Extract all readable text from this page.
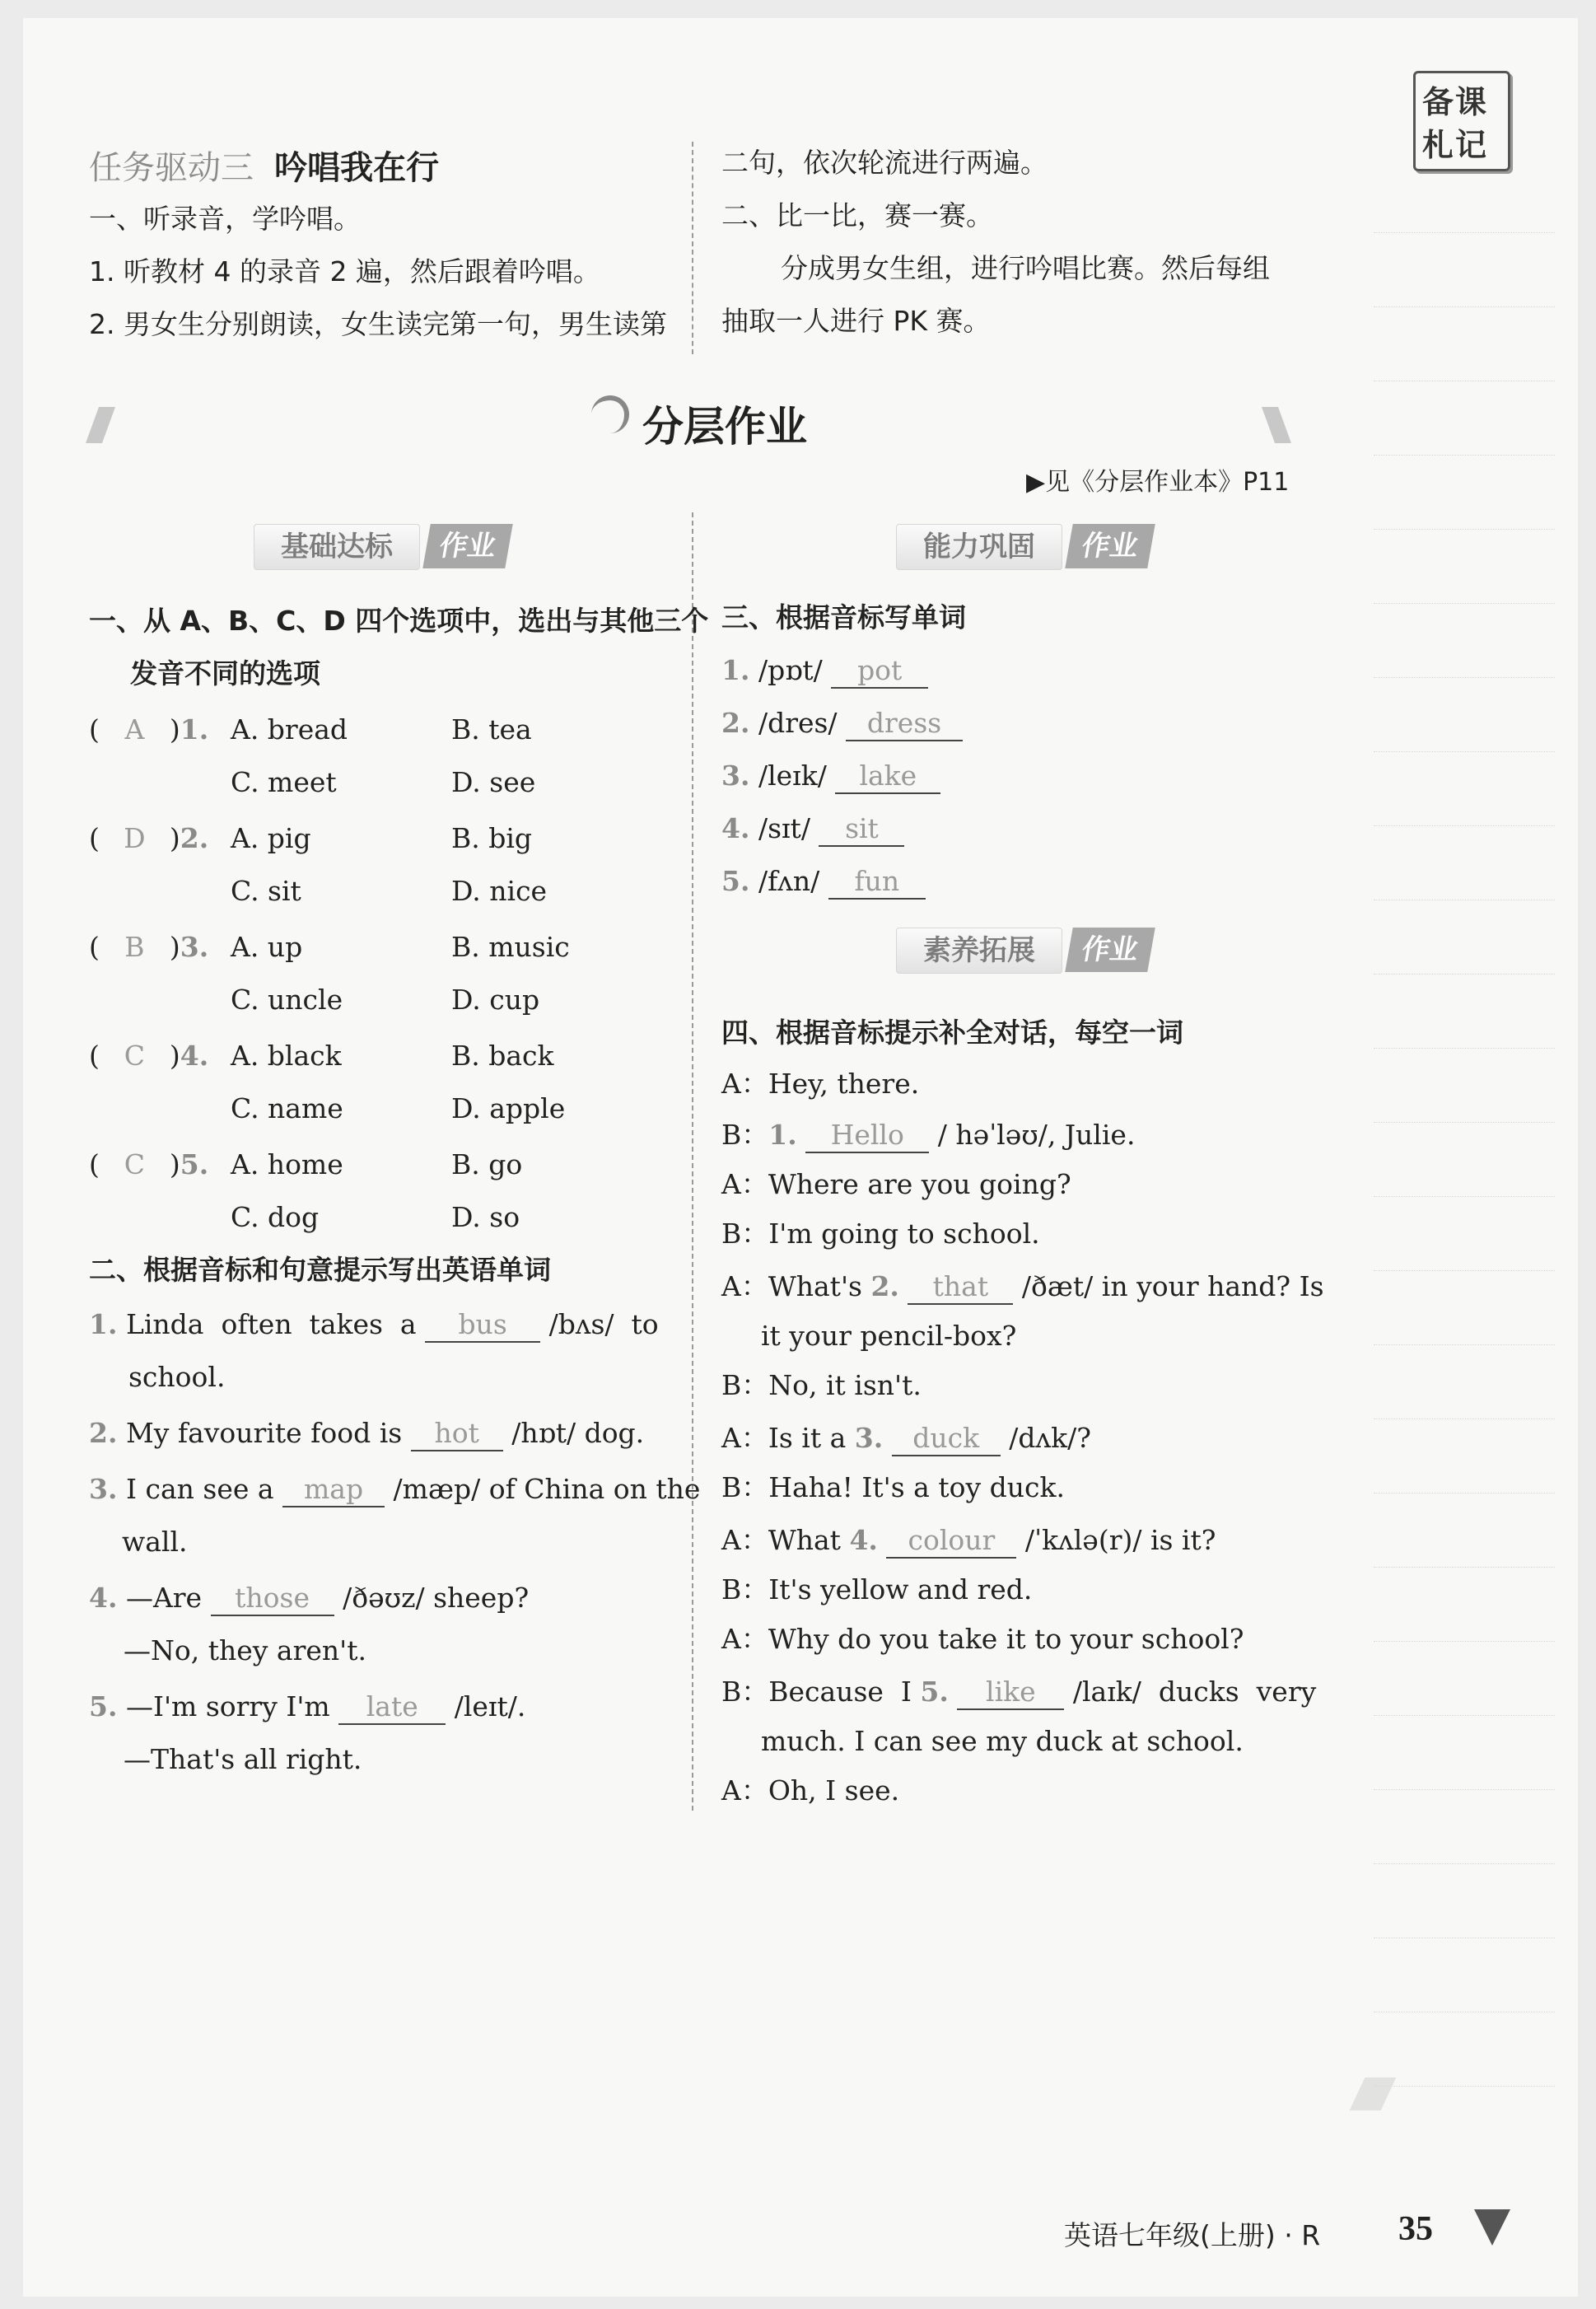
备课
札记
任务驱动三 吟唱我在行
一、听录音，学吟唱。
1. 听教材 4 的录音 2 遍，然后跟着吟唱。
2. 男女生分别朗读，女生读完第一句，男生读第
二句，依次轮流进行两遍。
二、比一比，赛一赛。
分成男女生组，进行吟唱比赛。然后每组
抽取一人进行 PK 赛。
分层作业
▶见《分层作业本》P11
基础达标	作业	能力巩固	作业
素养拓展	作业
一、从 A、B、C、D 四个选项中，选出与其他三个
发音不同的选项
( A )1. A. bread	B. tea
C. meet	D. see
( D )2. A. pig	B. big
C. sit	D. nice
( B )3. A. up	B. music
C. uncle	D. cup
( C )4. A. black	B. back
C. name	D. apple
( C )5. A. home	B. go
C. dog	D. so
二、根据音标和句意提示写出英语单词
1. Linda  often  takes  a bus /bʌs/  to
school.
2. My favourite food is hot /hɒt/ dog.
3. I can see a map /mæp/ of China on the
wall.
4. —Are those /ðəʊz/ sheep?
—No, they aren't.
5. —I'm sorry I'm late /leɪt/.
—That's all right.
三、根据音标写单词
1. /pɒt/ pot
2. /dres/ dress
3. /leɪk/ lake
4. /sɪt/ sit
5. /fʌn/ fun
四、根据音标提示补全对话，每空一词
A：Hey, there.
B：1. Hello / həˈləʊ/, Julie.
A：Where are you going?
B：I'm going to school.
A：What's 2. that /ðæt/ in your hand? Is
it your pencil-box?
B：No, it isn't.
A：Is it a 3. duck /dʌk/?
B：Haha! It's a toy duck.
A：What 4. colour /ˈkʌlə(r)/ is it?
B：It's yellow and red.
A：Why do you take it to your school?
B：Because  I 5. like /laɪk/  ducks  very
much. I can see my duck at school.
A：Oh, I see.
英语七年级(上册) · R 35
